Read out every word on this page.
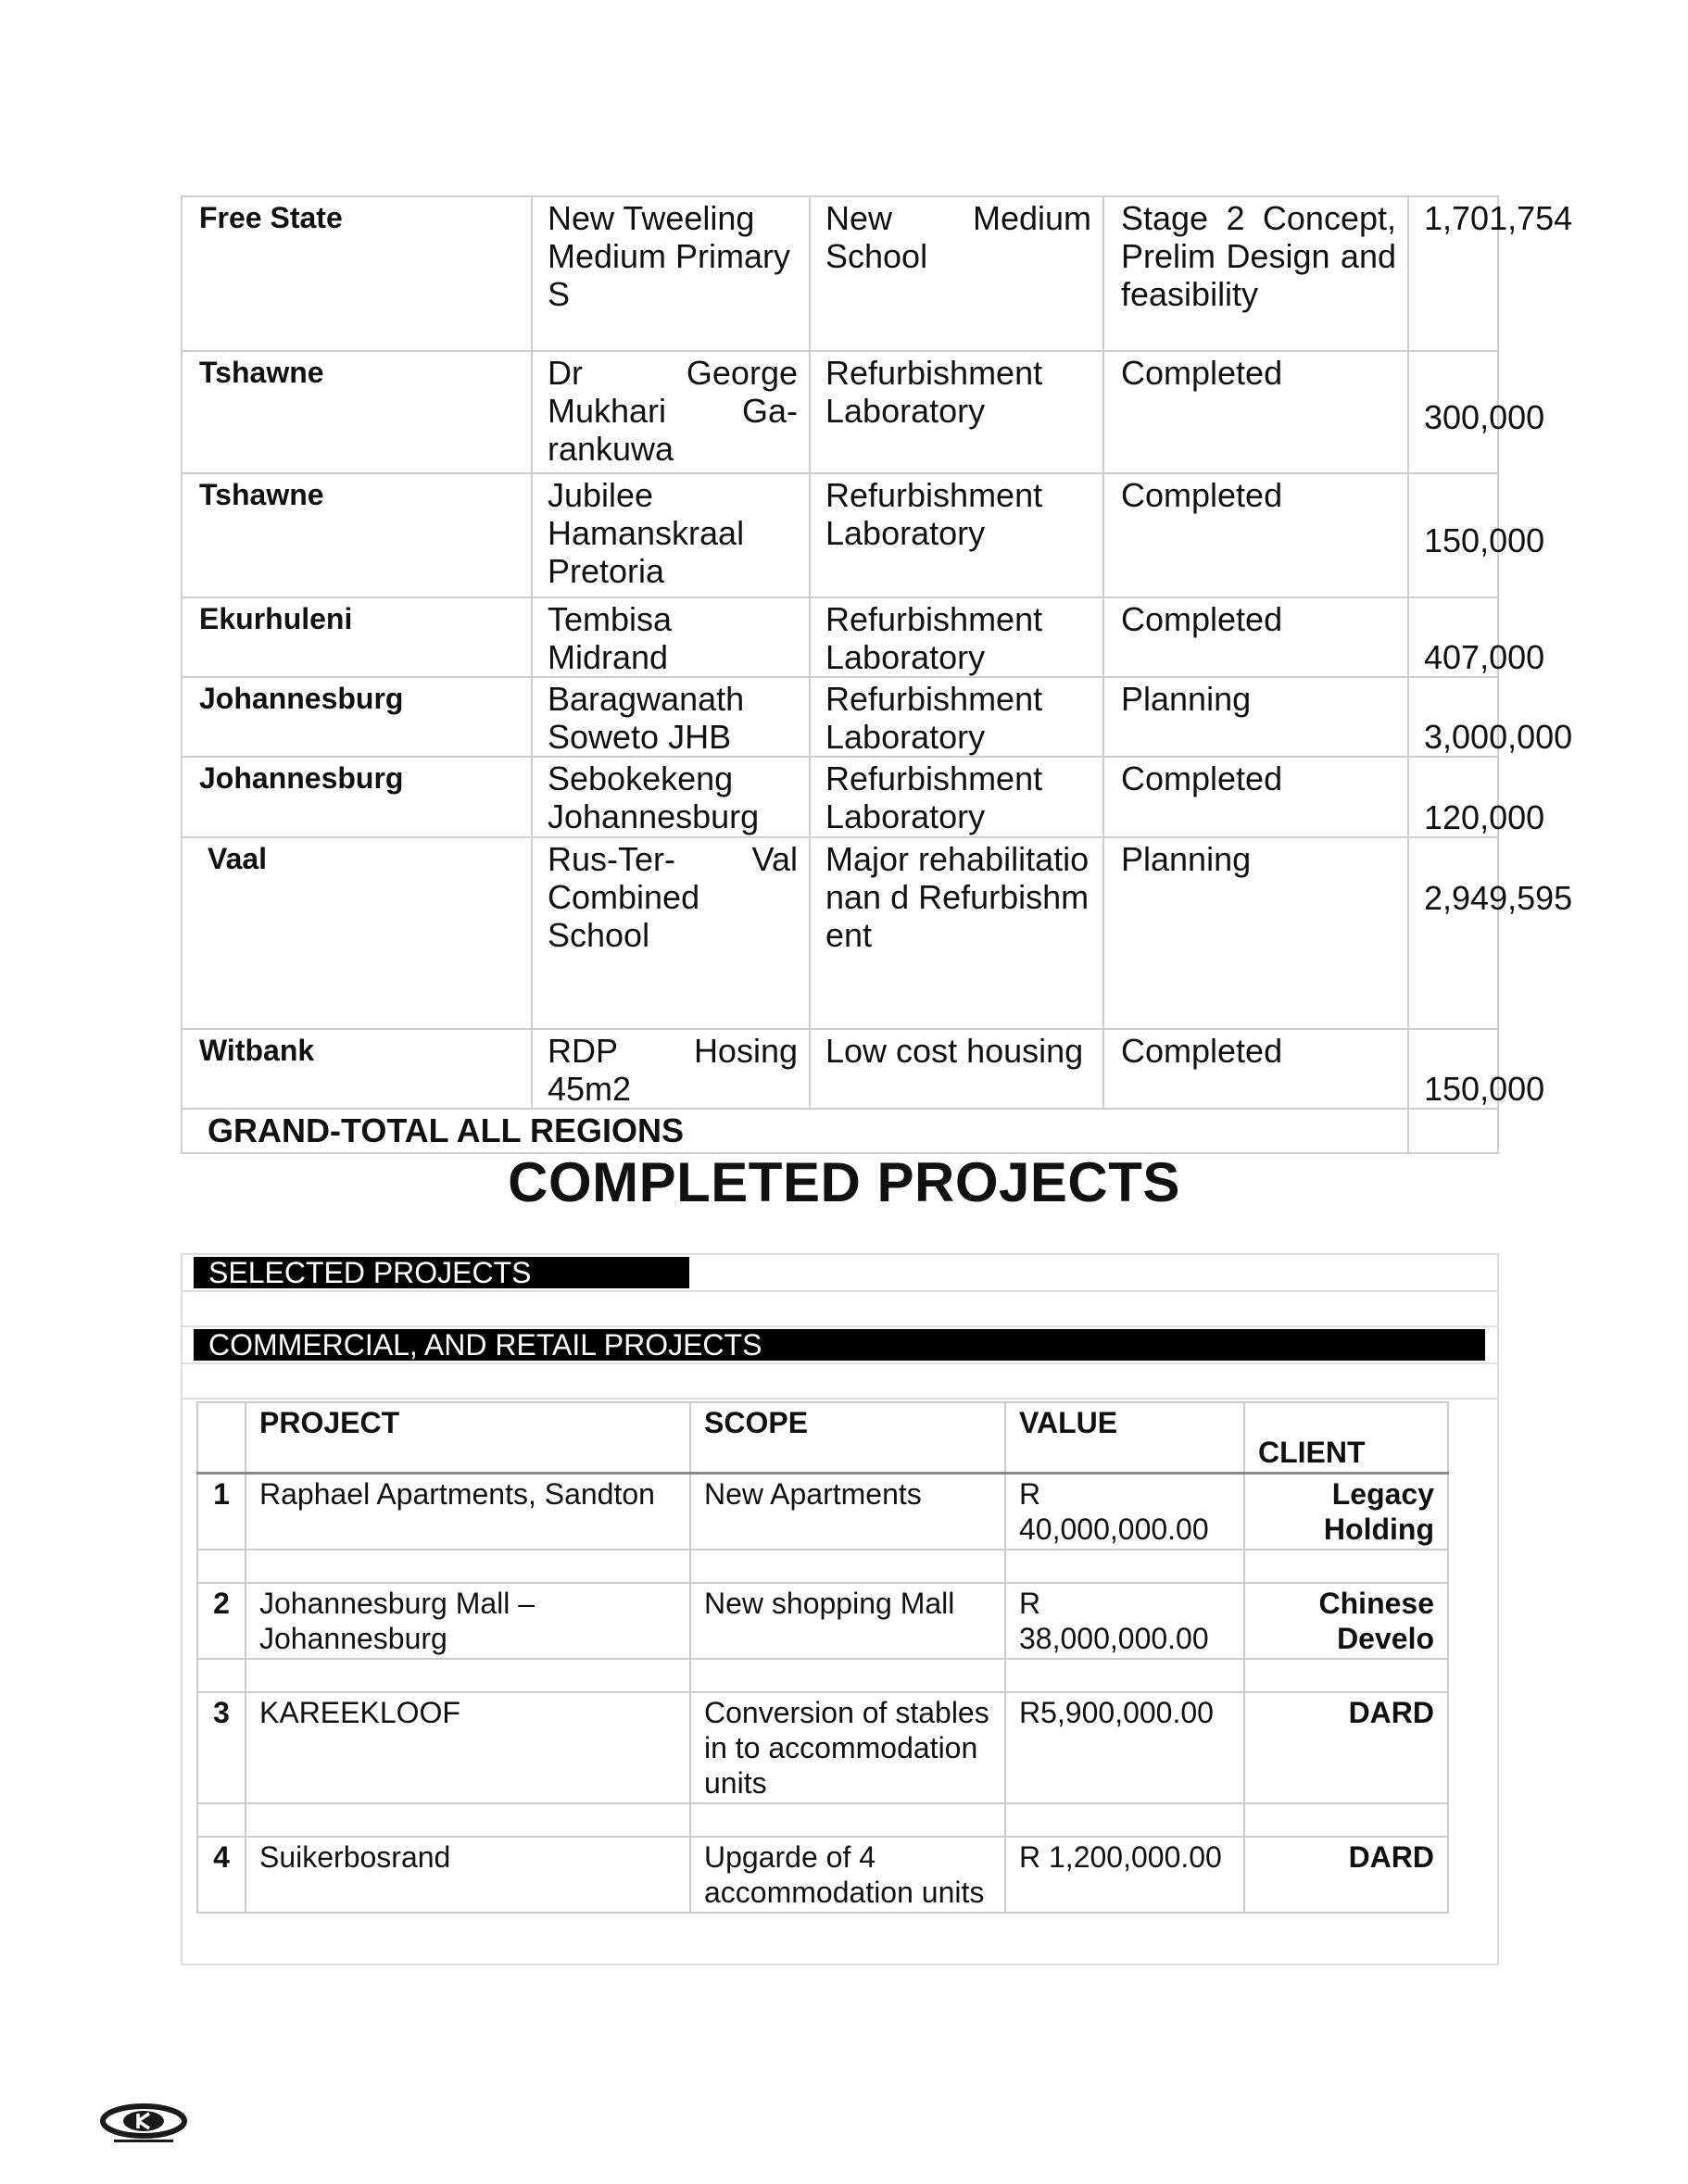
Free State	New Tweeling Medium Primary S	New Medium School	Stage 2 Concept, Prelim Design and feasibility	1,701,754
Tshawne	Dr George Mukhari Ga-rankuwa	Refurbishment Laboratory	Completed	300,000
Tshawne	Jubilee Hamanskraal Pretoria	Refurbishment Laboratory	Completed	150,000
Ekurhuleni	Tembisa Midrand	Refurbishment Laboratory	Completed	407,000
Johannesburg	Baragwanath Soweto JHB	Refurbishment Laboratory	Planning	3,000,000
Johannesburg	Sebokekeng Johannesburg	Refurbishment Laboratory	Completed	120,000
Vaal	Rus-Ter- Val Combined School	Major rehabilitationan d Refurbishment	Planning	2,949,595
Witbank	RDP Hosing 45m2	Low cost housing	Completed	150,000
GRAND-TOTAL ALL REGIONS				
COMPLETED PROJECTS
SELECTED PROJECTS
COMMERCIAL, AND RETAIL PROJECTS
	PROJECT	SCOPE	VALUE	CLIENT
1	Raphael Apartments, Sandton	New Apartments	R 40,000,000.00	Legacy Holding

2	Johannesburg Mall – Johannesburg	New shopping Mall	R 38,000,000.00	Chinese Develo

3	KAREEKLOOF	Conversion of stables in to accommodation units	R5,900,000.00	DARD

4	Suikerbosrand	Upgarde of 4 accommodation units	R 1,200,000.00	DARD
